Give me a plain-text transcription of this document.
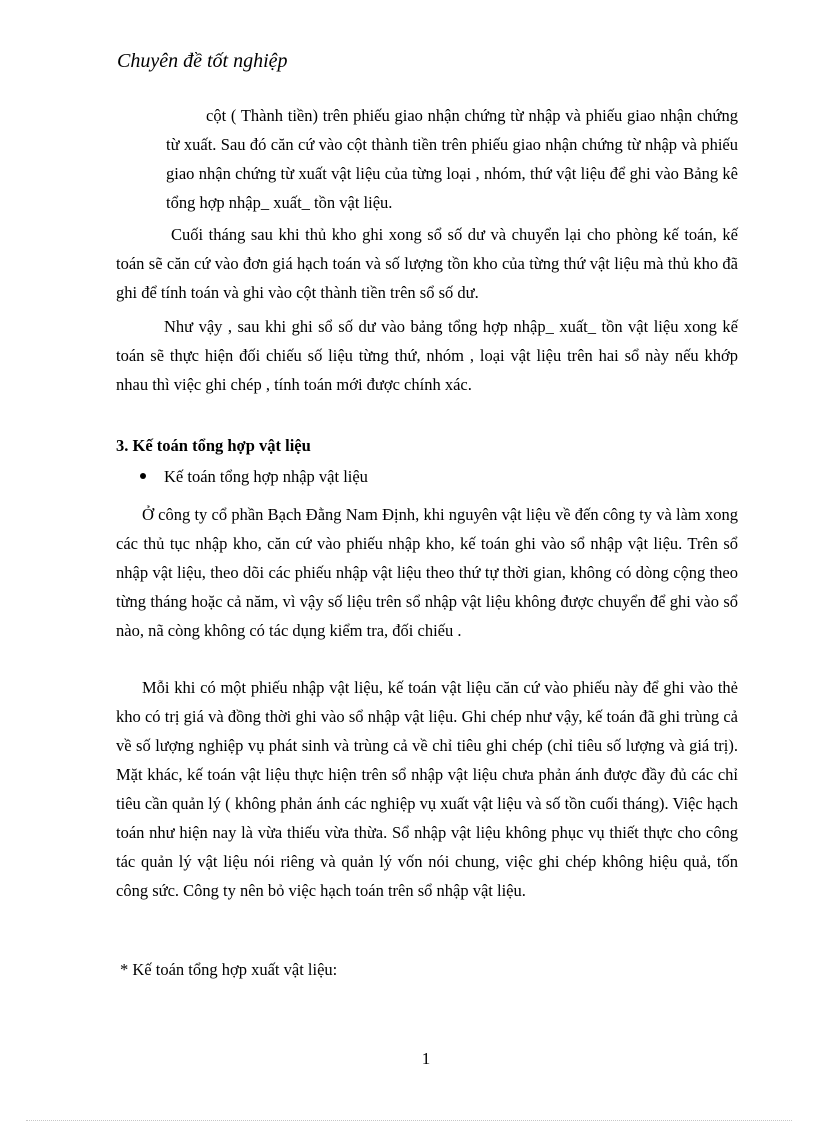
Chuyên đề tốt nghiệp
cột ( Thành tiền) trên phiếu giao nhận chứng từ nhập và phiếu giao nhận chứng từ xuất. Sau đó căn cứ vào cột thành tiền trên phiếu giao nhận chứng từ nhập và phiếu giao nhận chứng từ xuất vật liệu của từng loại , nhóm, thứ vật liệu để ghi vào Bảng kê tổng hợp nhập_ xuất_ tồn vật liệu.
Cuối tháng sau khi thủ kho ghi xong sổ số dư và chuyển lại cho phòng kế toán, kế toán sẽ căn cứ vào đơn giá hạch toán và số lượng tồn kho của từng thứ vật liệu mà thủ kho đã ghi để tính toán và ghi vào cột thành tiền trên sổ số dư.
Như vậy , sau khi ghi sổ số dư vào bảng tổng hợp nhập_ xuất_ tồn vật liệu xong kế toán sẽ thực hiện đối chiếu số liệu từng thứ, nhóm , loại vật liệu trên hai sổ này nếu khớp nhau thì việc ghi chép , tính toán mới được chính xác.
3. Kế toán tổng hợp vật liệu
Kế toán tổng hợp nhập vật liệu
Ở công ty cổ phần Bạch Đằng Nam Định, khi nguyên vật liệu về đến công ty và làm xong các thủ tục nhập kho, căn cứ vào phiếu nhập kho, kế toán ghi vào sổ nhập vật liệu. Trên sổ nhập vật liệu, theo dõi các phiếu nhập vật liệu theo thứ tự thời gian, không có dòng cộng theo từng tháng hoặc cả năm, vì vậy số liệu trên sổ nhập vật liệu không được chuyển để ghi vào sổ nào, nã còng không có tác dụng kiểm tra, đối chiếu .
Mỗi khi có một phiếu nhập vật liệu, kế toán vật liệu căn cứ vào phiếu này để ghi vào thẻ kho có trị giá và đồng thời ghi vào sổ nhập vật liệu. Ghi chép như vậy, kế toán đã ghi trùng cả về số lượng nghiệp vụ phát sinh và trùng cả về chỉ tiêu ghi chép (chỉ tiêu số lượng và giá trị). Mặt khác, kế toán vật liệu thực hiện trên sổ nhập vật liệu chưa phản ánh được đầy đủ các chỉ tiêu cần quản lý ( không phản ánh các nghiệp vụ xuất vật liệu và số tồn cuối tháng). Việc hạch toán như hiện nay là vừa thiếu vừa thừa. Sổ nhập vật liệu không phục vụ thiết thực cho công tác quản lý vật liệu nói riêng và quản lý vốn nói chung, việc ghi chép không hiệu quả, tốn công sức. Công ty nên bỏ việc hạch toán trên sổ nhập vật liệu.
* Kế toán tổng hợp xuất vật liệu:
1
